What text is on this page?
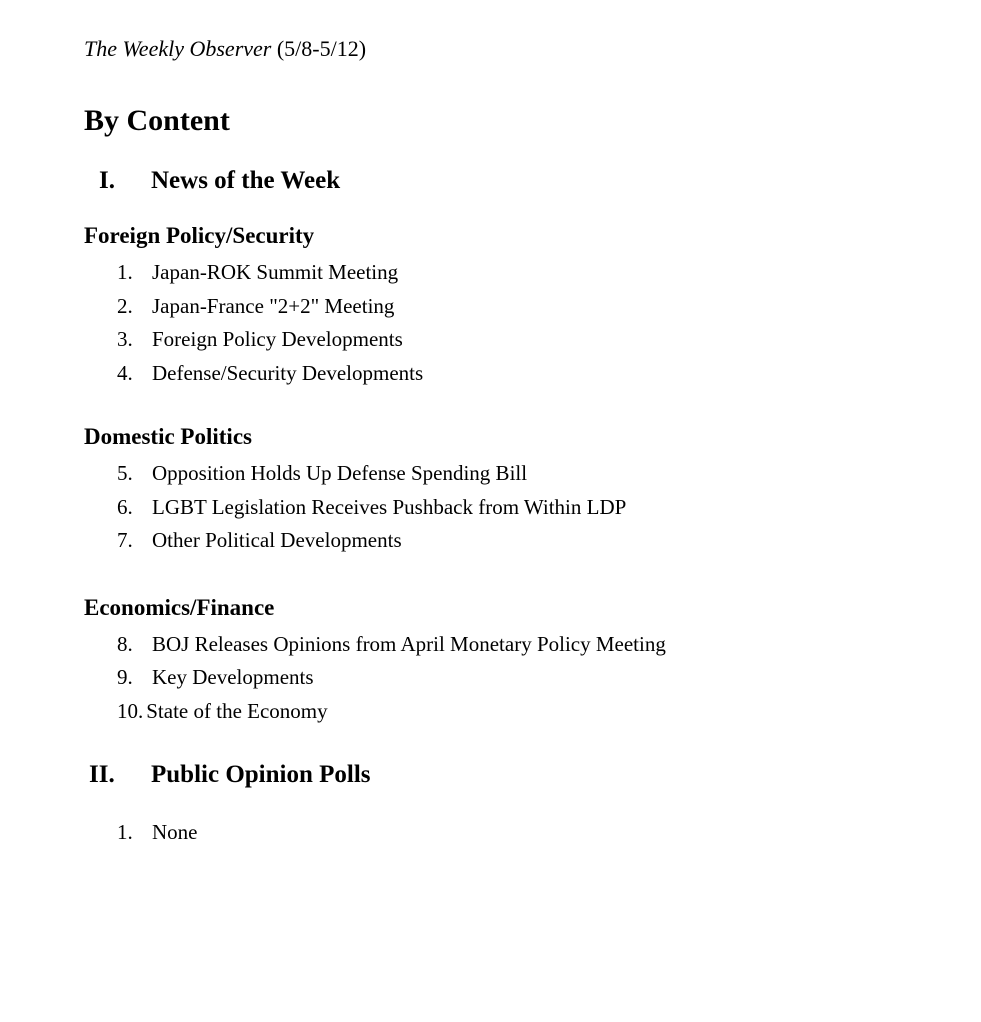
The Weekly Observer (5/8-5/12)
By Content
I.	News of the Week
Foreign Policy/Security
1. Japan-ROK Summit Meeting
2. Japan-France "2+2" Meeting
3. Foreign Policy Developments
4. Defense/Security Developments
Domestic Politics
5. Opposition Holds Up Defense Spending Bill
6. LGBT Legislation Receives Pushback from Within LDP
7. Other Political Developments
Economics/Finance
8. BOJ Releases Opinions from April Monetary Policy Meeting
9. Key Developments
10. State of the Economy
II.	Public Opinion Polls
1. None
